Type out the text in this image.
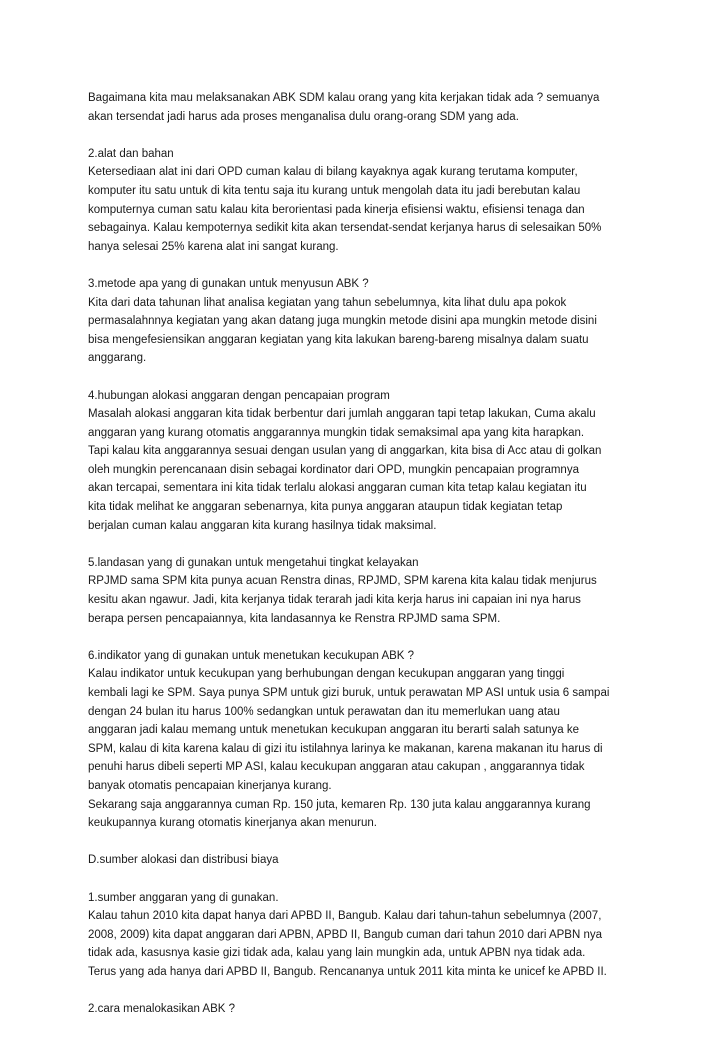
Bagaimana kita mau melaksanakan ABK SDM kalau orang yang kita kerjakan tidak ada ? semuanya
akan tersendat jadi harus ada proses menganalisa dulu orang-orang SDM yang ada.
2.alat dan bahan
Ketersediaan alat ini dari OPD cuman kalau di bilang kayaknya agak kurang terutama komputer,
komputer itu satu untuk di kita tentu saja itu kurang untuk mengolah data itu jadi berebutan kalau
komputernya cuman satu kalau kita berorientasi pada kinerja efisiensi waktu, efisiensi tenaga dan
sebagainya. Kalau kempoternya sedikit kita akan tersendat-sendat kerjanya harus di selesaikan 50%
hanya selesai 25% karena alat ini sangat kurang.
3.metode apa yang di gunakan untuk menyusun ABK ?
Kita dari data tahunan lihat analisa kegiatan yang tahun sebelumnya, kita lihat dulu apa pokok
permasalahnnya kegiatan yang akan datang juga mungkin metode disini apa mungkin metode disini
bisa mengefesiensikan anggaran kegiatan yang kita lakukan bareng-bareng misalnya dalam suatu
anggarang.
4.hubungan alokasi anggaran dengan pencapaian program
Masalah alokasi anggaran kita tidak berbentur dari jumlah anggaran tapi tetap lakukan, Cuma akalu
anggaran yang kurang otomatis anggarannya mungkin tidak semaksimal apa yang kita harapkan.
Tapi kalau kita anggarannya sesuai dengan usulan yang di anggarkan, kita bisa di Acc atau di golkan
oleh mungkin perencanaan disin sebagai kordinator dari OPD, mungkin pencapaian programnya
akan tercapai, sementara ini kita tidak terlalu alokasi anggaran cuman kita tetap kalau kegiatan itu
kita tidak melihat ke anggaran sebenarnya, kita punya anggaran ataupun tidak kegiatan tetap
berjalan cuman kalau anggaran kita kurang hasilnya tidak maksimal.
5.landasan yang di gunakan untuk mengetahui tingkat kelayakan
RPJMD sama SPM kita punya acuan Renstra dinas, RPJMD, SPM karena kita kalau tidak menjurus
kesitu akan ngawur. Jadi, kita kerjanya tidak terarah jadi kita kerja harus ini capaian ini nya harus
berapa persen pencapaiannya, kita landasannya ke Renstra RPJMD sama SPM.
6.indikator yang di gunakan untuk menetukan kecukupan ABK ?
Kalau indikator untuk kecukupan yang berhubungan dengan kecukupan anggaran yang tinggi
kembali lagi ke SPM. Saya punya SPM untuk gizi buruk, untuk perawatan MP ASI untuk usia 6 sampai
dengan 24 bulan itu harus 100% sedangkan untuk perawatan dan itu memerlukan uang atau
anggaran jadi kalau memang untuk menetukan kecukupan anggaran itu berarti salah satunya ke
SPM, kalau di kita karena kalau di gizi itu istilahnya larinya ke makanan, karena makanan itu harus di
penuhi harus dibeli seperti MP ASI, kalau kecukupan anggaran atau cakupan , anggarannya tidak
banyak otomatis pencapaian kinerjanya kurang.
Sekarang saja anggarannya cuman Rp. 150 juta, kemaren Rp. 130 juta kalau anggarannya kurang
keukupannya kurang otomatis kinerjanya akan menurun.
D.sumber alokasi dan distribusi biaya
1.sumber anggaran yang di gunakan.
Kalau tahun 2010 kita dapat hanya dari APBD II, Bangub. Kalau dari tahun-tahun sebelumnya (2007,
2008, 2009) kita dapat anggaran dari APBN, APBD II, Bangub cuman dari tahun 2010 dari APBN nya
tidak ada, kasusnya kasie gizi tidak ada, kalau yang lain mungkin ada, untuk APBN nya tidak ada.
Terus yang ada hanya dari APBD II, Bangub. Rencananya untuk 2011 kita minta ke unicef ke APBD II.
2.cara menalokasikan ABK ?
